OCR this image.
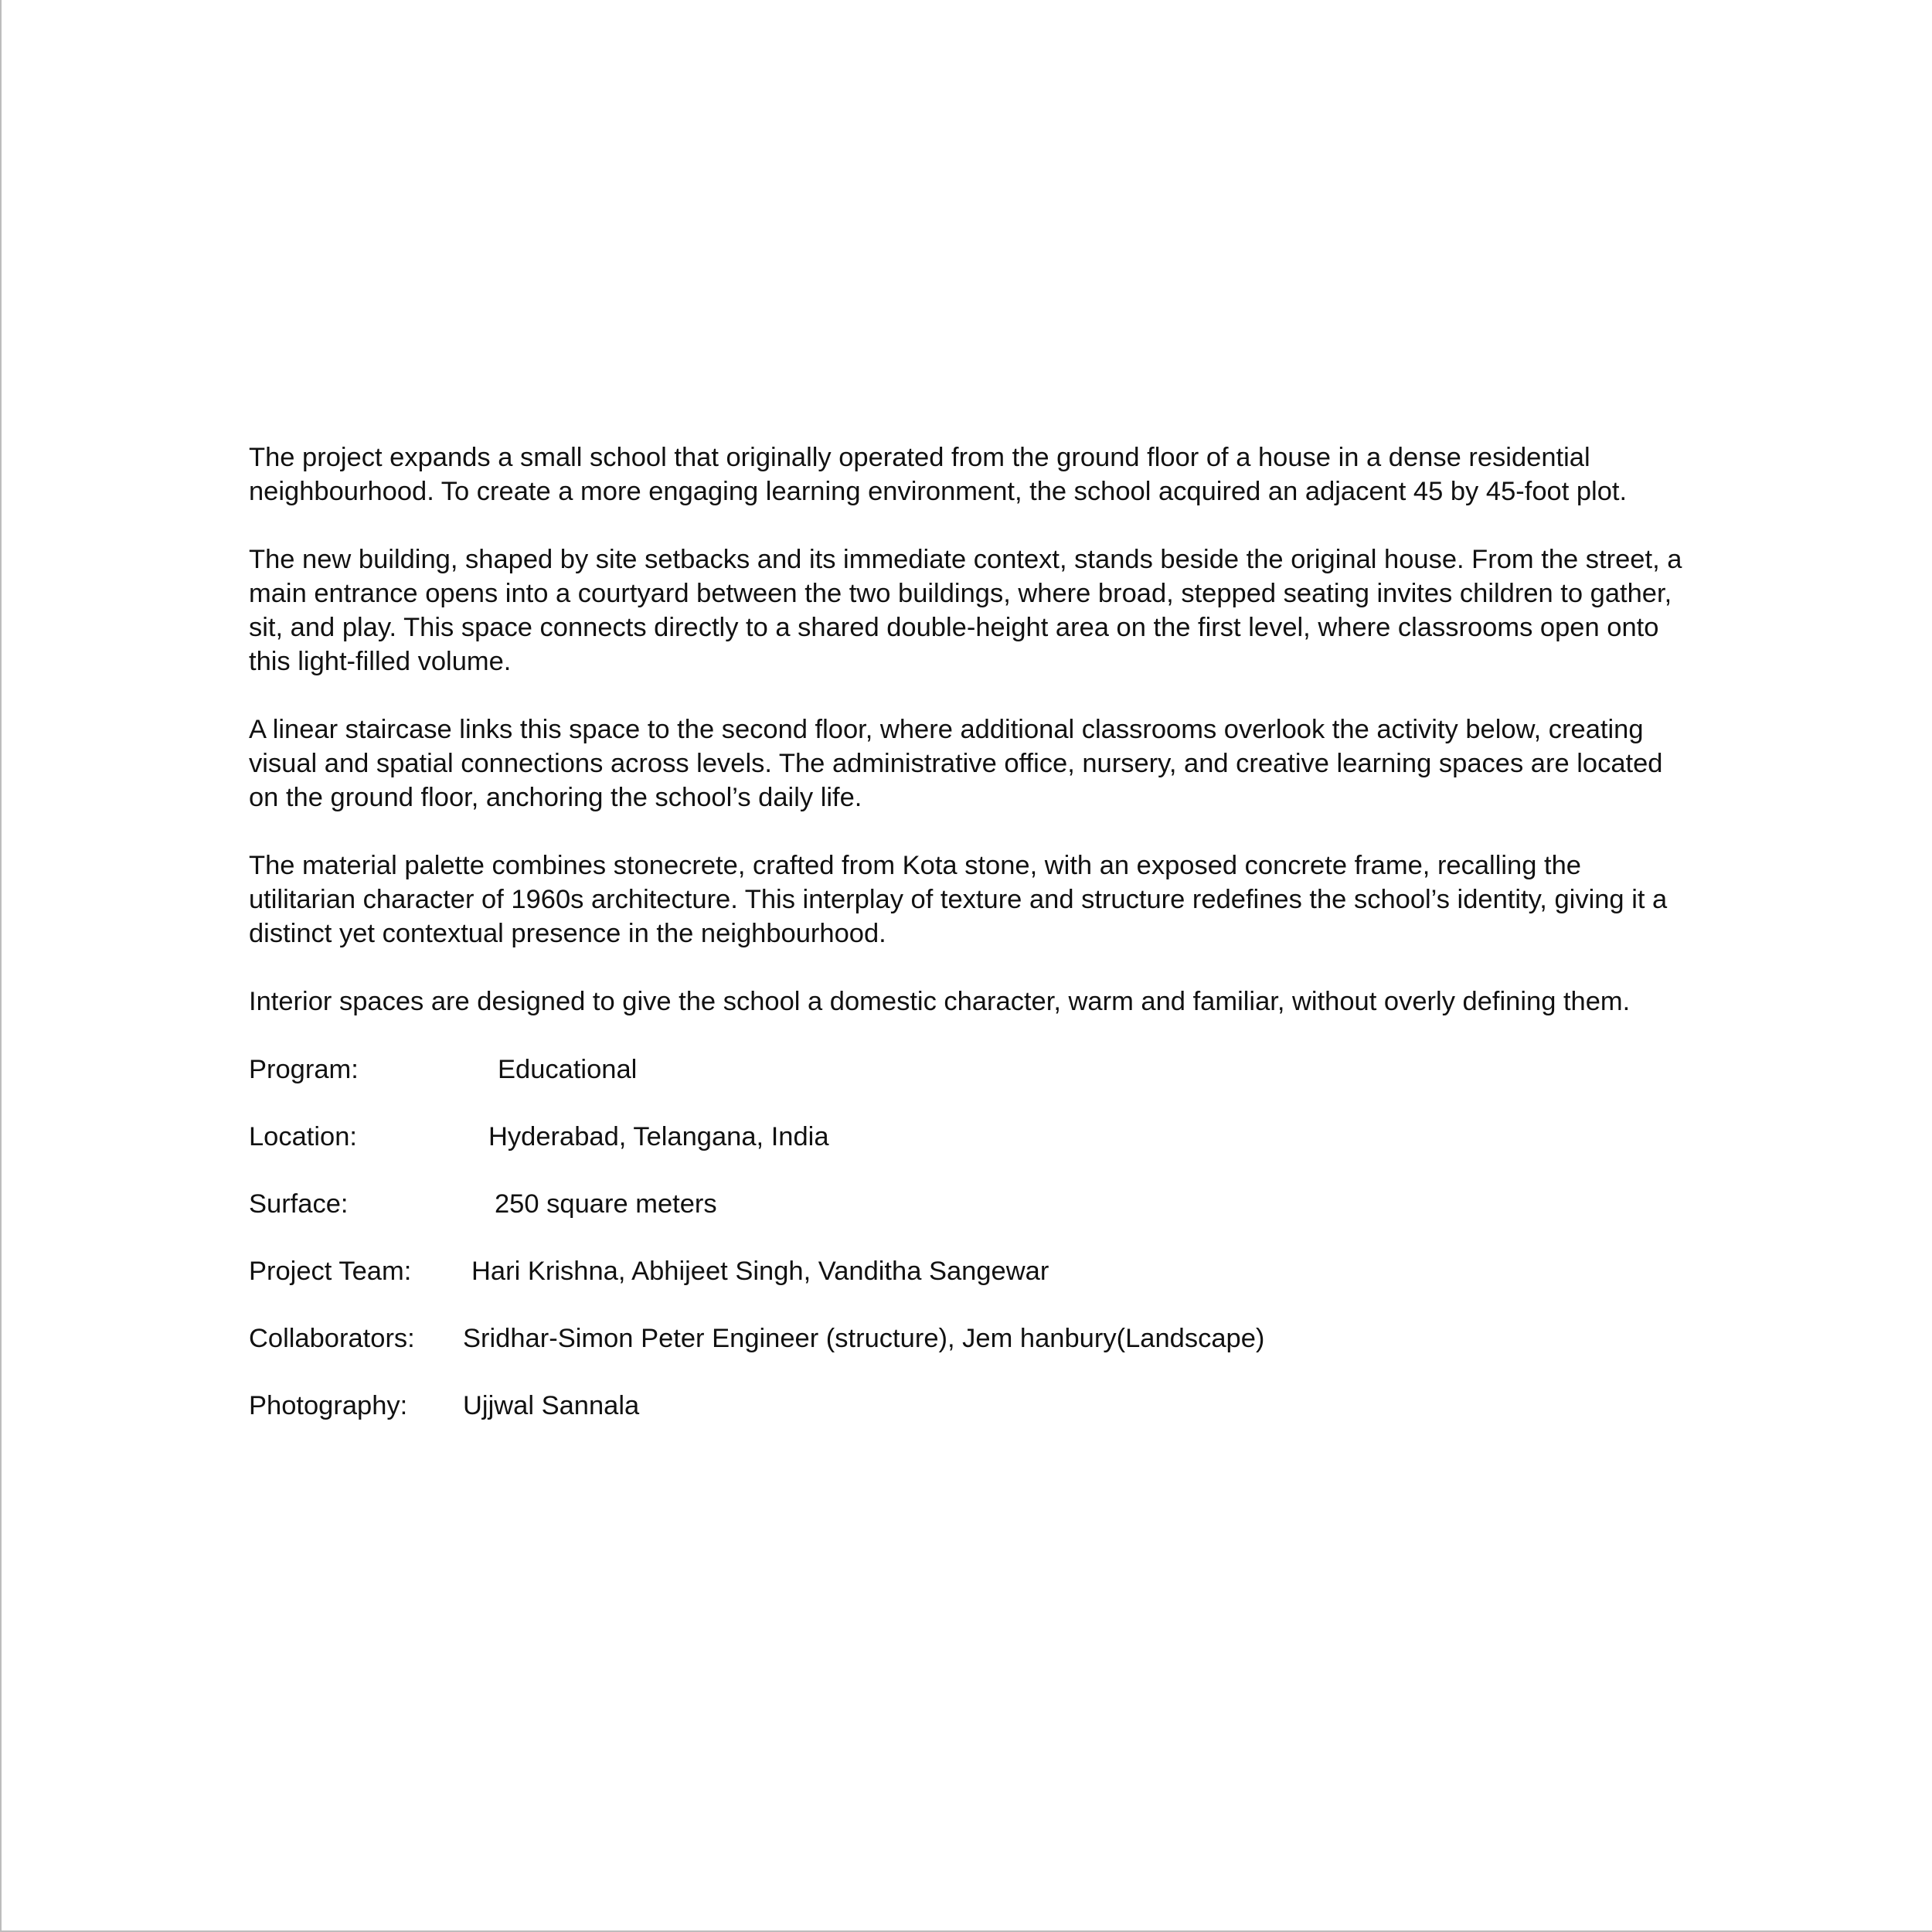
The project expands a small school that originally operated from the ground floor of a house in a dense residential neighbourhood. To create a more engaging learning environment, the school acquired an adjacent 45 by 45-foot plot.

The new building, shaped by site setbacks and its immediate context, stands beside the original house. From the street, a main entrance opens into a courtyard between the two buildings, where broad, stepped seating invites children to gather, sit, and play. This space connects directly to a shared double-height area on the first level, where classrooms open onto this light-filled volume.

A linear staircase links this space to the second floor, where additional classrooms overlook the activity below, creating visual and spatial connections across levels. The administrative office, nursery, and creative learning spaces are located on the ground floor, anchoring the school’s daily life.

The material palette combines stonecrete, crafted from Kota stone, with an exposed concrete frame, recalling the utilitarian character of 1960s architecture. This interplay of texture and structure redefines the school’s identity, giving it a distinct yet contextual presence in the neighbourhood.

Interior spaces are designed to give the school a domestic character, warm and familiar, without overly defining them.

Program:	Educational
Location:	Hyderabad, Telangana, India
Surface:	250 square meters
Project Team:	Hari Krishna, Abhijeet Singh, Vanditha Sangewar
Collaborators:	Sridhar-Simon Peter Engineer (structure), Jem hanbury(Landscape)
Photography:	Ujjwal Sannala
